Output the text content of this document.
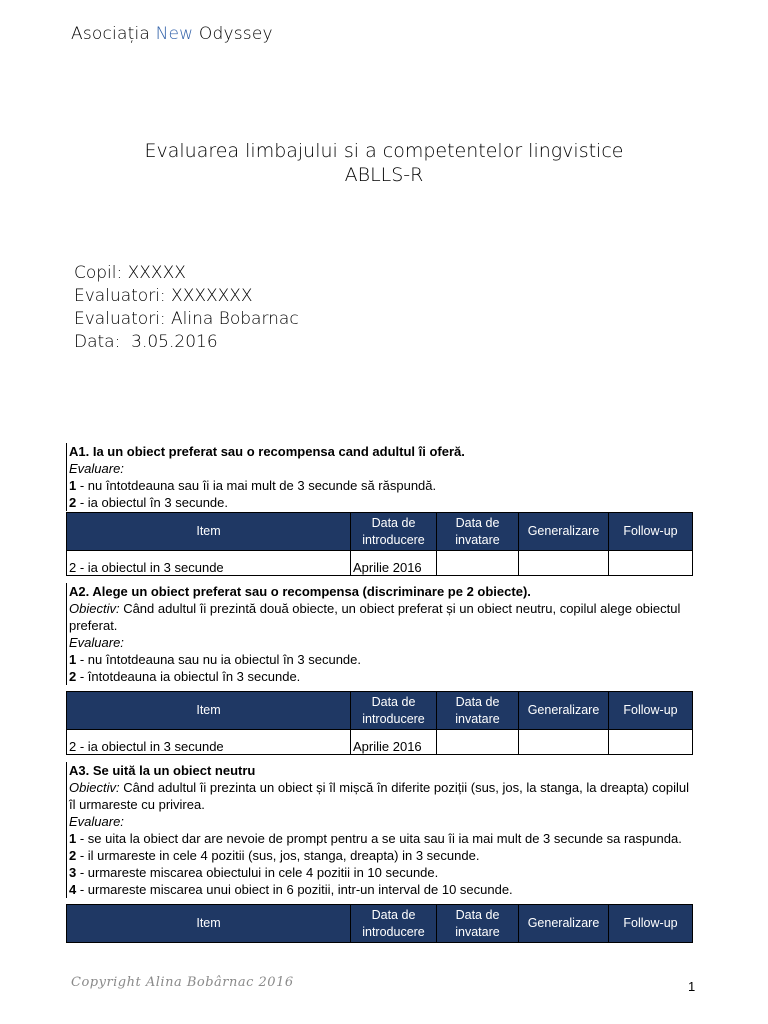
Asociația New Odyssey
Evaluarea limbajului si a competentelor lingvistice
ABLLS-R
Copil: XXXXX
Evaluatori: XXXXXXX
Evaluatori: Alina Bobarnac
Data:  3.05.2016
A1. Ia un obiect preferat sau o recompensa cand adultul îi oferă.
Evaluare:
1 - nu întotdeauna sau îi ia mai mult de 3 secunde să răspundă.
2 - ia obiectul în 3 secunde.
Item	Data de introducere	Data de invatare	Generalizare	Follow-up
2 - ia obiectul in 3 secunde	Aprilie 2016			
A2. Alege un obiect preferat sau o recompensa (discriminare pe 2 obiecte).
Obiectiv: Când adultul îi prezintă două obiecte, un obiect preferat și un obiect neutru, copilul alege obiectul preferat.
Evaluare:
1 - nu întotdeauna sau nu ia obiectul în 3 secunde.
2 - întotdeauna ia obiectul în 3 secunde.
Item	Data de introducere	Data de invatare	Generalizare	Follow-up
2 - ia obiectul in 3 secunde	Aprilie 2016			
A3. Se uită la un obiect neutru
Obiectiv: Când adultul îi prezinta un obiect și îl mișcă în diferite poziții (sus, jos, la stanga, la dreapta) copilul îl urmareste cu privirea.
Evaluare:
1 - se uita la obiect dar are nevoie de prompt pentru a se uita sau îi ia mai mult de 3 secunde sa raspunda.
2 - il urmareste in cele 4 pozitii (sus, jos, stanga, dreapta) in 3 secunde.
3 - urmareste miscarea obiectului in cele 4 pozitii in 10 secunde.
4 - urmareste miscarea unui obiect in 6 pozitii, intr-un interval de 10 secunde.
Item	Data de introducere	Data de invatare	Generalizare	Follow-up
Copyright Alina Bobârnac 2016	1
